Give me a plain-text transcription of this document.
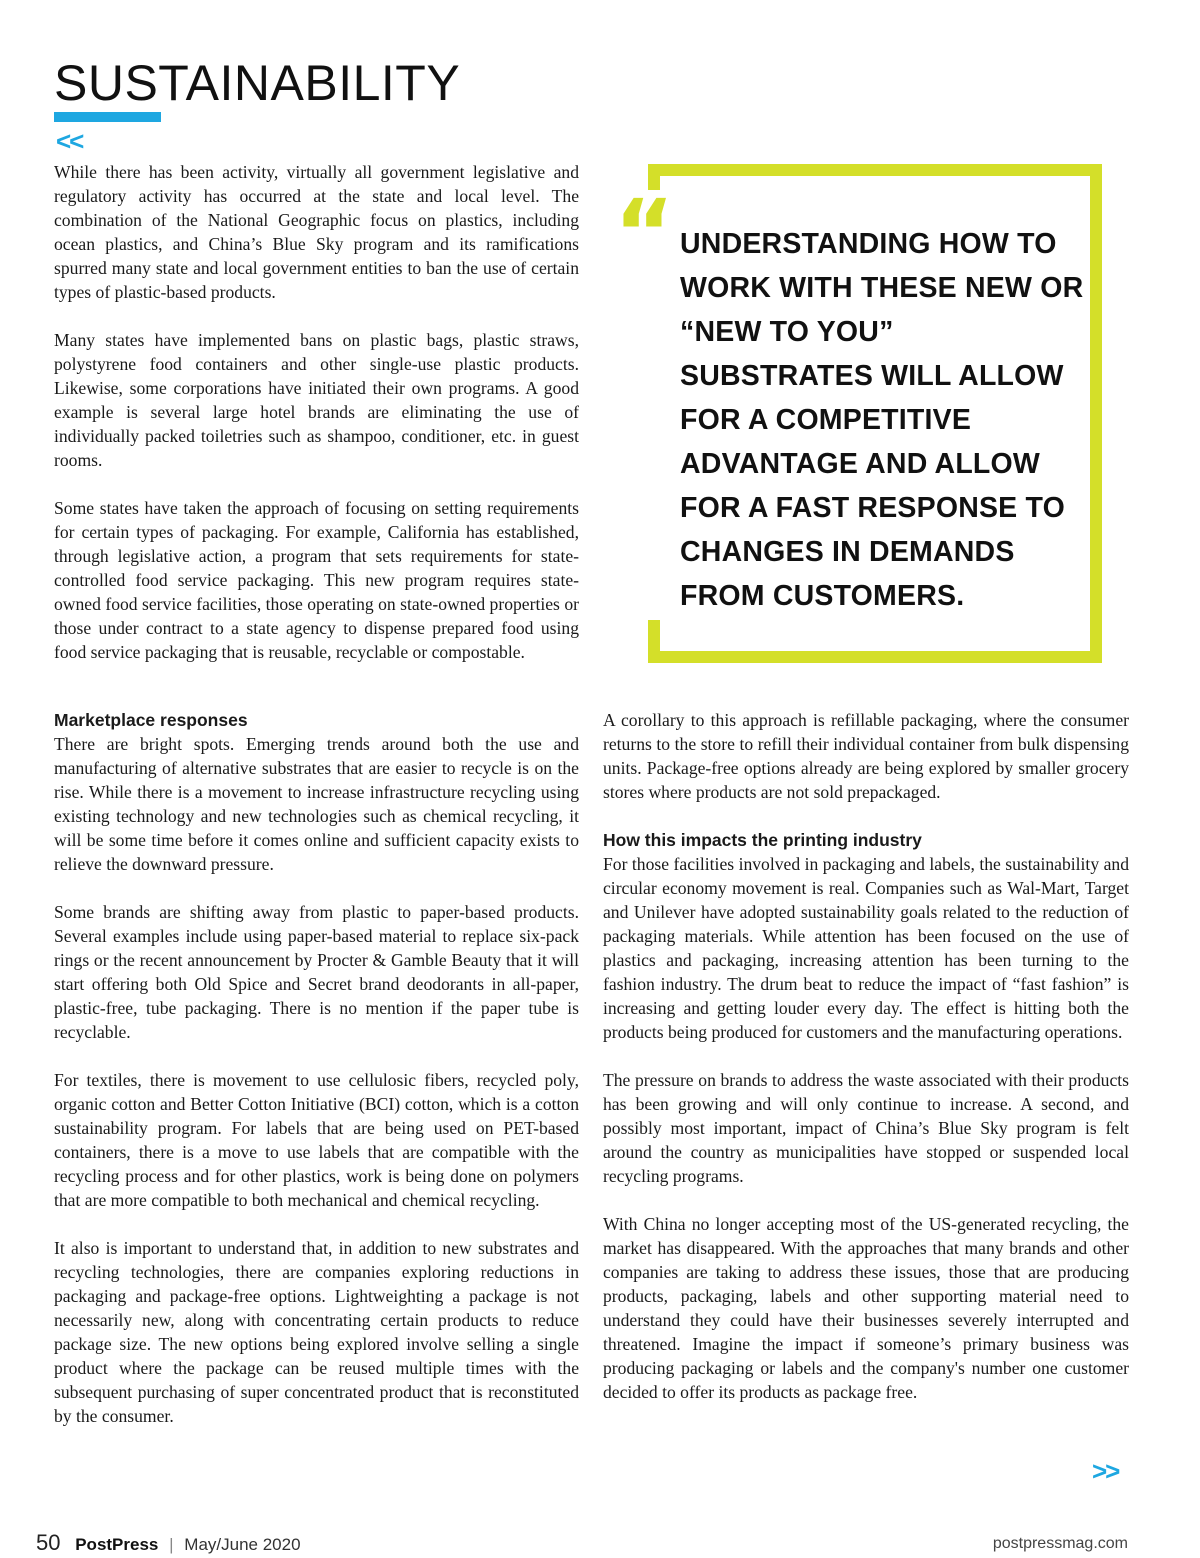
SUSTAINABILITY
<<

While there has been activity, virtually all government legislative and regulatory activity has occurred at the state and local level. The combination of the National Geographic focus on plastics, including ocean plastics, and China’s Blue Sky program and its ramifications spurred many state and local government entities to ban the use of certain types of plastic-based products.

Many states have implemented bans on plastic bags, plastic straws, polystyrene food containers and other single-use plastic products. Likewise, some corporations have initiated their own programs. A good example is several large hotel brands are eliminating the use of individually packed toiletries such as shampoo, conditioner, etc. in guest rooms.

Some states have taken the approach of focusing on setting requirements for certain types of packaging. For example, California has established, through legislative action, a program that sets requirements for state-controlled food service packaging. This new program requires state-owned food service facilities, those operating on state-owned properties or those under contract to a state agency to dispense prepared food using food service packaging that is reusable, recyclable or compostable.

“ UNDERSTANDING HOW TO WORK WITH THESE NEW OR “NEW TO YOU” SUBSTRATES WILL ALLOW FOR A COMPETITIVE ADVANTAGE AND ALLOW FOR A FAST RESPONSE TO CHANGES IN DEMANDS FROM CUSTOMERS.
Marketplace responses

There are bright spots. Emerging trends around both the use and manufacturing of alternative substrates that are easier to recycle is on the rise. While there is a movement to increase infrastructure recycling using existing technology and new technologies such as chemical recycling, it will be some time before it comes online and sufficient capacity exists to relieve the downward pressure.

Some brands are shifting away from plastic to paper-based products. Several examples include using paper-based material to replace six-pack rings or the recent announcement by Procter & Gamble Beauty that it will start offering both Old Spice and Secret brand deodorants in all-paper, plastic-free, tube packaging. There is no mention if the paper tube is recyclable.

For textiles, there is movement to use cellulosic fibers, recycled poly, organic cotton and Better Cotton Initiative (BCI) cotton, which is a cotton sustainability program. For labels that are being used on PET-based containers, there is a move to use labels that are compatible with the recycling process and for other plastics, work is being done on polymers that are more compatible to both mechanical and chemical recycling.

It also is important to understand that, in addition to new substrates and recycling technologies, there are companies exploring reductions in packaging and package-free options. Lightweighting a package is not necessarily new, along with concentrating certain products to reduce package size. The new options being explored involve selling a single product where the package can be reused multiple times with the subsequent purchasing of super concentrated product that is reconstituted by the consumer.

A corollary to this approach is refillable packaging, where the consumer returns to the store to refill their individual container from bulk dispensing units. Package-free options already are being explored by smaller grocery stores where products are not sold prepackaged.

How this impacts the printing industry

For those facilities involved in packaging and labels, the sustainability and circular economy movement is real. Companies such as Wal-Mart, Target and Unilever have adopted sustainability goals related to the reduction of packaging materials. While attention has been focused on the use of plastics and packaging, increasing attention has been turning to the fashion industry. The drum beat to reduce the impact of “fast fashion” is increasing and getting louder every day. The effect is hitting both the products being produced for customers and the manufacturing operations.

The pressure on brands to address the waste associated with their products has been growing and will only continue to increase. A second, and possibly most important, impact of China’s Blue Sky program is felt around the country as municipalities have stopped or suspended local recycling programs.

With China no longer accepting most of the US-generated recycling, the market has disappeared. With the approaches that many brands and other companies are taking to address these issues, those that are producing products, packaging, labels and other supporting material need to understand they could have their businesses severely interrupted and threatened. Imagine the impact if someone’s primary business was producing packaging or labels and the company's number one customer decided to offer its products as package free.

>>
50 PostPress | May/June 2020	postpressmag.com
